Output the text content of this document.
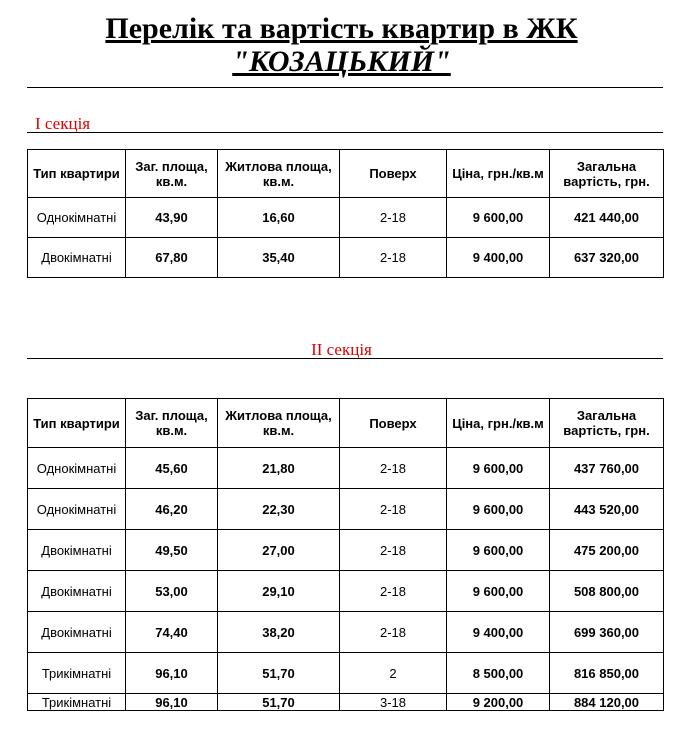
Перелік та вартість квартир в ЖК
"КОЗАЦЬКИЙ"
І секція
Тип квартири	Заг. площа, кв.м.	Житлова площа, кв.м.	Поверх	Ціна, грн./кв.м	Загальна вартість, грн.
Однокімнатні	43,90	16,60	2-18	9 600,00	421 440,00
Двокімнатні	67,80	35,40	2-18	9 400,00	637 320,00
ІІ секція
Тип квартири	Заг. площа, кв.м.	Житлова площа, кв.м.	Поверх	Ціна, грн./кв.м	Загальна вартість, грн.
Однокімнатні	45,60	21,80	2-18	9 600,00	437 760,00
Однокімнатні	46,20	22,30	2-18	9 600,00	443 520,00
Двокімнатні	49,50	27,00	2-18	9 600,00	475 200,00
Двокімнатні	53,00	29,10	2-18	9 600,00	508 800,00
Двокімнатні	74,40	38,20	2-18	9 400,00	699 360,00
Трикімнатні	96,10	51,70	2	8 500,00	816 850,00
Трикімнатні	96,10	51,70	3-18	9 200,00	884 120,00
